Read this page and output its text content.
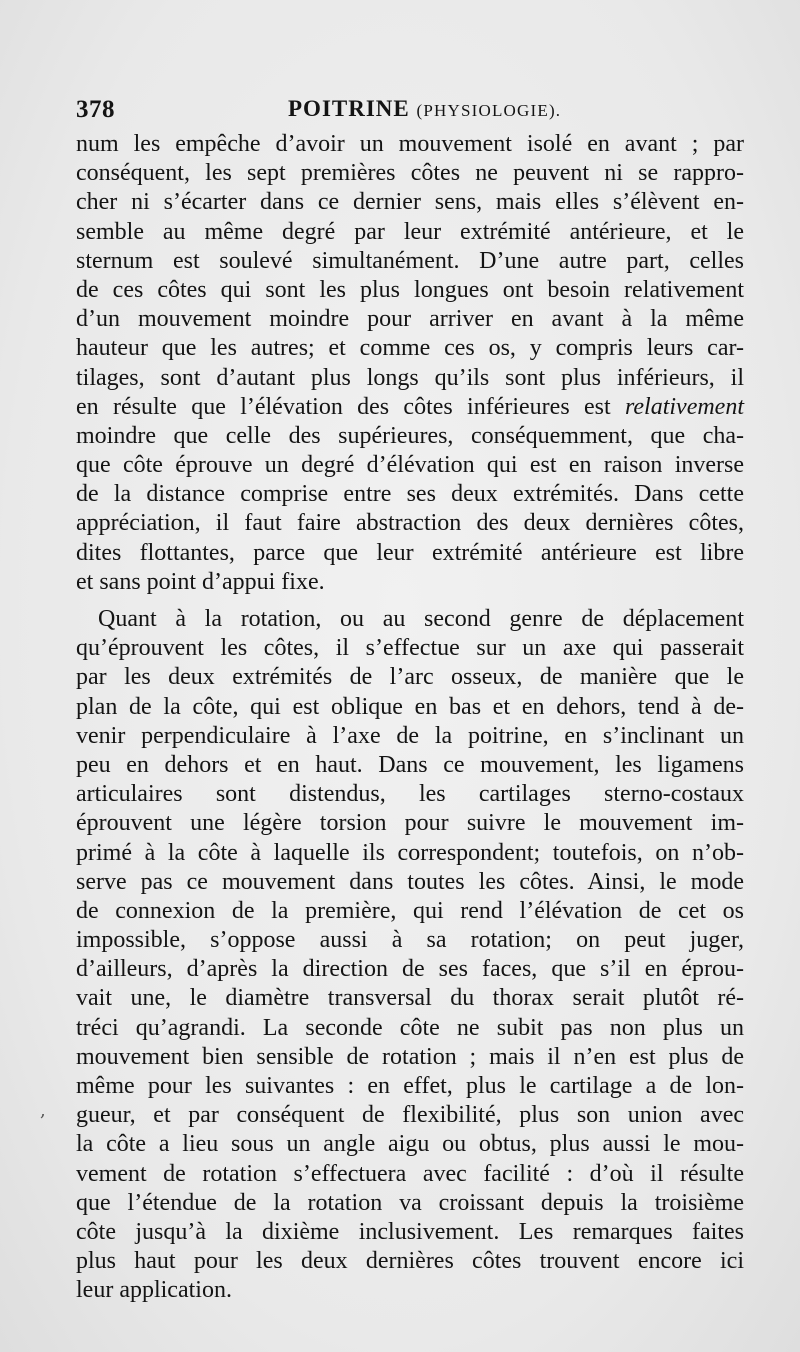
378	POITRINE (PHYSIOLOGIE).
num les empêche d’avoir un mouvement isolé en avant ; par
conséquent, les sept premières côtes ne peuvent ni se rappro-
cher ni s’écarter dans ce dernier sens, mais elles s’élèvent en-
semble au même degré par leur extrémité antérieure, et le
sternum est soulevé simultanément. D’une autre part, celles
de ces côtes qui sont les plus longues ont besoin relativement
d’un mouvement moindre pour arriver en avant à la même
hauteur que les autres; et comme ces os, y compris leurs car-
tilages, sont d’autant plus longs qu’ils sont plus inférieurs, il
en résulte que l’élévation des côtes inférieures est relativement
moindre que celle des supérieures, conséquemment, que cha-
que côte éprouve un degré d’élévation qui est en raison inverse
de la distance comprise entre ses deux extrémités. Dans cette
appréciation, il faut faire abstraction des deux dernières côtes,
dites flottantes, parce que leur extrémité antérieure est libre
et sans point d’appui fixe.
Quant à la rotation, ou au second genre de déplacement
qu’éprouvent les côtes, il s’effectue sur un axe qui passerait
par les deux extrémités de l’arc osseux, de manière que le
plan de la côte, qui est oblique en bas et en dehors, tend à de-
venir perpendiculaire à l’axe de la poitrine, en s’inclinant un
peu en dehors et en haut. Dans ce mouvement, les ligamens
articulaires sont distendus, les cartilages sterno-costaux
éprouvent une légère torsion pour suivre le mouvement im-
primé à la côte à laquelle ils correspondent; toutefois, on n’ob-
serve pas ce mouvement dans toutes les côtes. Ainsi, le mode
de connexion de la première, qui rend l’élévation de cet os
impossible, s’oppose aussi à sa rotation; on peut juger,
d’ailleurs, d’après la direction de ses faces, que s’il en éprou-
vait une, le diamètre transversal du thorax serait plutôt ré-
tréci qu’agrandi. La seconde côte ne subit pas non plus un
mouvement bien sensible de rotation ; mais il n’en est plus de
même pour les suivantes : en effet, plus le cartilage a de lon-
gueur, et par conséquent de flexibilité, plus son union avec
la côte a lieu sous un angle aigu ou obtus, plus aussi le mou-
vement de rotation s’effectuera avec facilité : d’où il résulte
que l’étendue de la rotation va croissant depuis la troisième
côte jusqu’à la dixième inclusivement. Les remarques faites
plus haut pour les deux dernières côtes trouvent encore ici
leur application.
,
